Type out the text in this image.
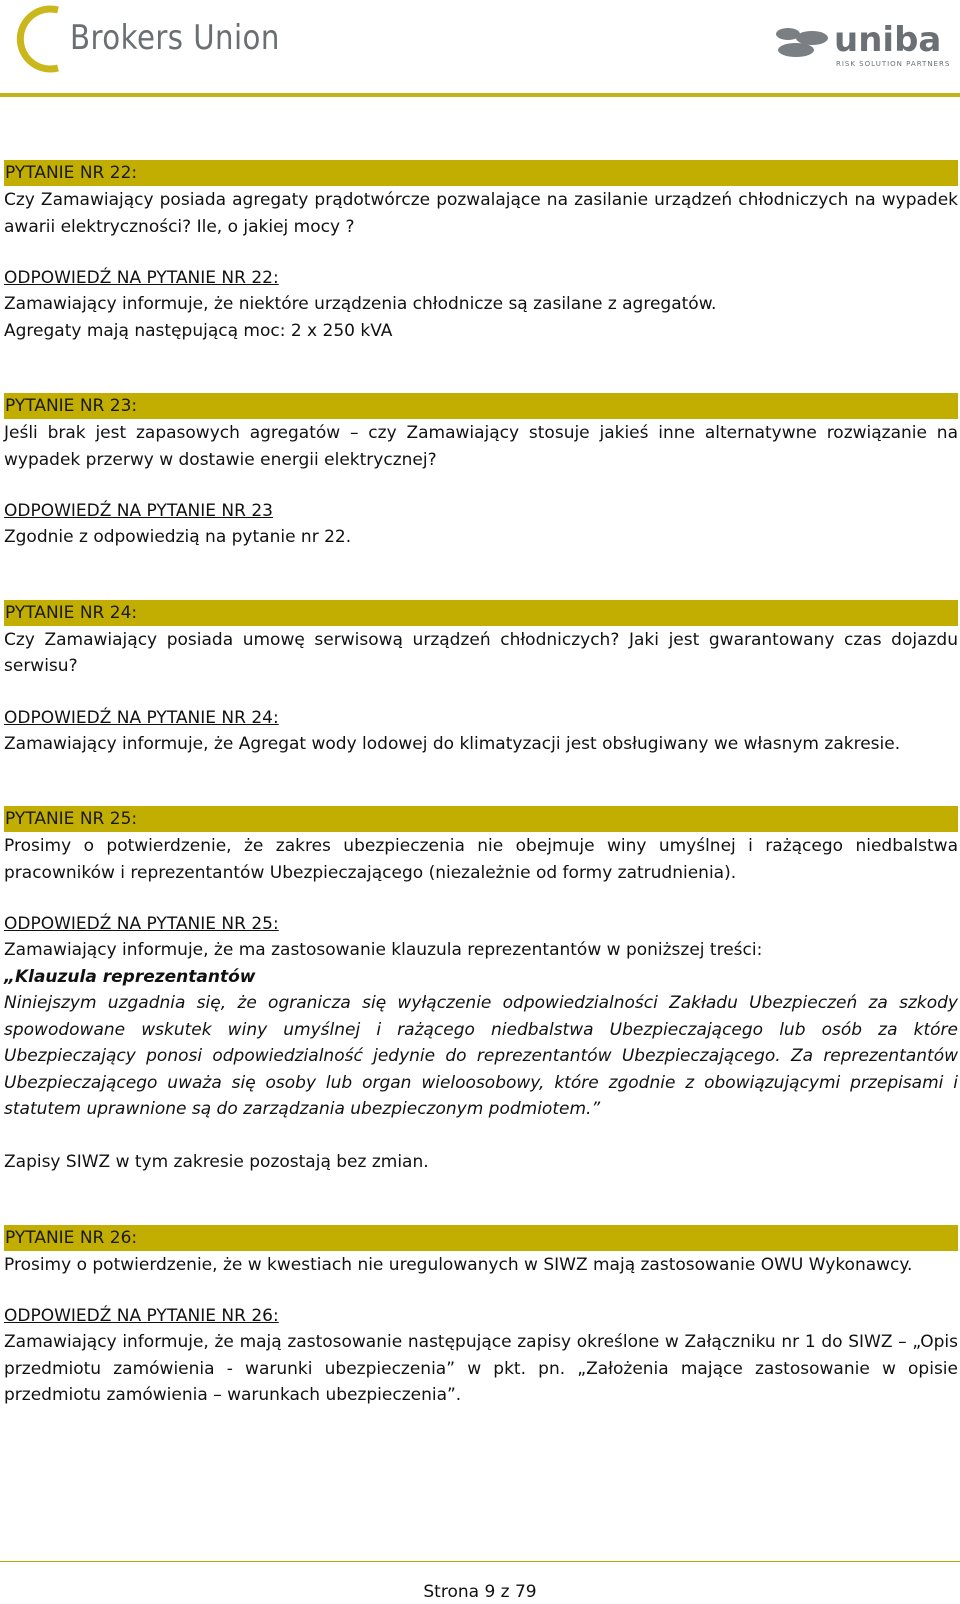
Brokers Union	uniba
RISK SOLUTION PARTNERS
PYTANIE NR 22:

Czy Zamawiający posiada agregaty prądotwórcze pozwalające na zasilanie urządzeń chłodniczych na wypadek awarii elektryczności? Ile, o jakiej mocy ?

ODPOWIEDŹ NA PYTANIE NR 22:

Zamawiający informuje, że niektóre urządzenia chłodnicze są zasilane z agregatów.

Agregaty mają następującą moc: 2 x 250 kVA

PYTANIE NR 23:

Jeśli brak jest zapasowych agregatów – czy Zamawiający stosuje jakieś inne alternatywne rozwiązanie na wypadek przerwy w dostawie energii elektrycznej?

ODPOWIEDŹ NA PYTANIE NR 23

Zgodnie z odpowiedzią na pytanie nr 22.

PYTANIE NR 24:

Czy Zamawiający posiada umowę serwisową urządzeń chłodniczych? Jaki jest gwarantowany czas dojazdu serwisu?

ODPOWIEDŹ NA PYTANIE NR 24:

Zamawiający informuje, że Agregat wody lodowej do klimatyzacji jest obsługiwany we własnym zakresie.

PYTANIE NR 25:

Prosimy o potwierdzenie, że zakres ubezpieczenia nie obejmuje winy umyślnej i rażącego niedbalstwa pracowników i reprezentantów Ubezpieczającego (niezależnie od formy zatrudnienia).

ODPOWIEDŹ NA PYTANIE NR 25:

Zamawiający informuje, że ma zastosowanie klauzula reprezentantów w poniższej treści:

„Klauzula reprezentantów

Niniejszym uzgadnia się, że ogranicza się wyłączenie odpowiedzialności Zakładu Ubezpieczeń za szkody spowodowane wskutek winy umyślnej i rażącego niedbalstwa Ubezpieczającego lub osób za które Ubezpieczający ponosi odpowiedzialność jedynie do reprezentantów Ubezpieczającego. Za reprezentantów Ubezpieczającego uważa się osoby lub organ wieloosobowy, które zgodnie z obowiązującymi przepisami i statutem uprawnione są do zarządzania ubezpieczonym podmiotem.”

Zapisy SIWZ w tym zakresie pozostają bez zmian.

PYTANIE NR 26:

Prosimy o potwierdzenie, że w kwestiach nie uregulowanych w SIWZ mają zastosowanie OWU Wykonawcy.

ODPOWIEDŹ NA PYTANIE NR 26:

Zamawiający informuje, że mają zastosowanie następujące zapisy określone w Załączniku nr 1 do SIWZ – „Opis przedmiotu zamówienia - warunki ubezpieczenia” w pkt. pn. „Założenia mające zastosowanie w opisie przedmiotu zamówienia – warunkach ubezpieczenia”.

Strona 9 z 79
